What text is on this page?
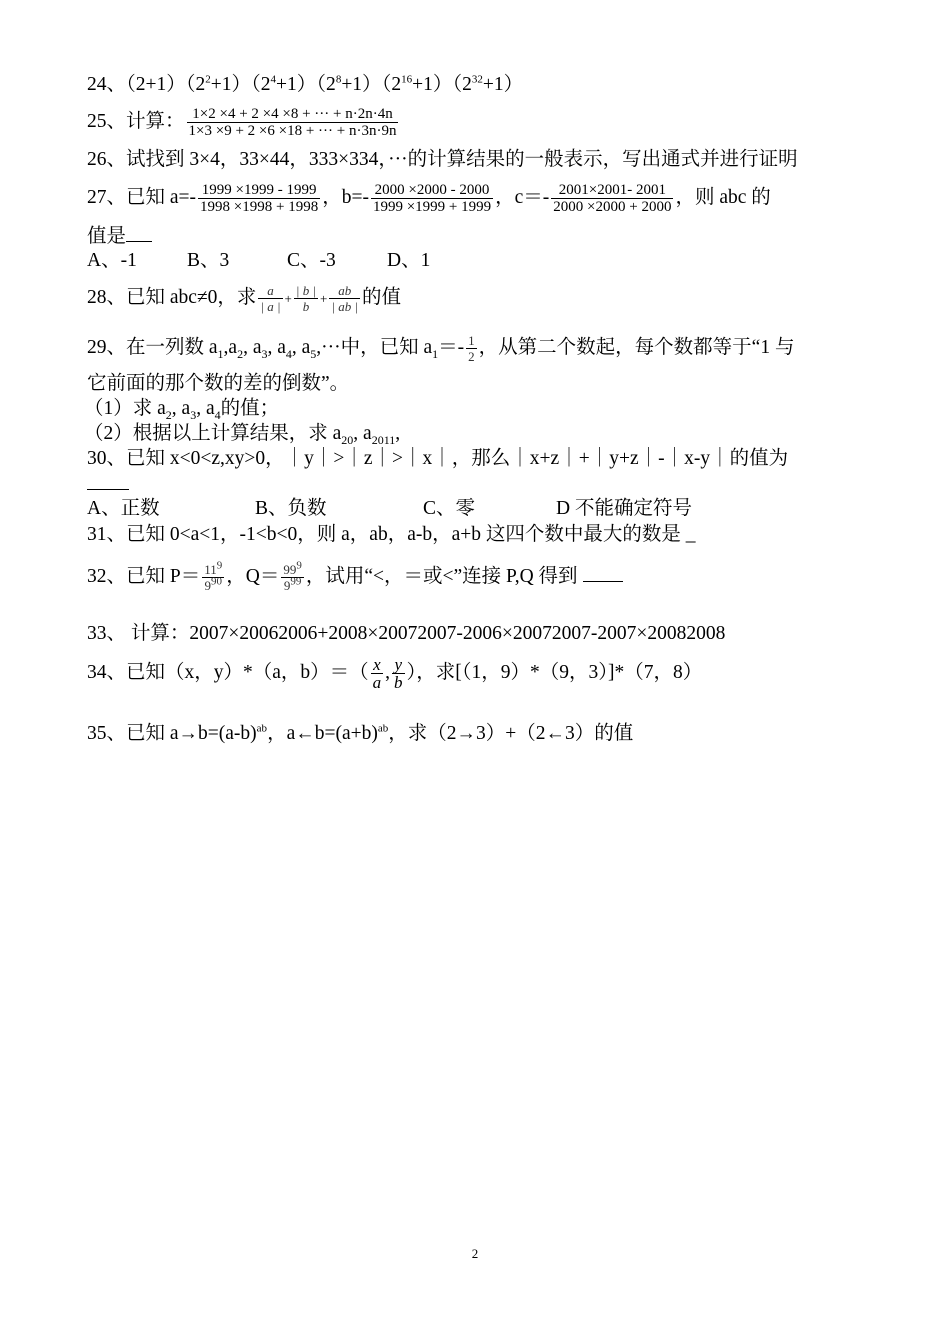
24、$(2+1)(2^2+1)(2^4+1)(2^8+1)(2^{16}+1)(2^{32}+1)$
25、计算： $\frac{1\times 2 \times 4 + 2 \times 4 \times 8 + \cdot\cdot\cdot + n\cdot 2n\cdot 4n}{1\times 3 \times 9 + 2 \times 6 \times 18 + \cdot\cdot\cdot + n\cdot 3n\cdot 9n}$
26、试找到 3×4，33×44，333×334，···的计算结果的一般表示，写出通式并进行证明
27、已知 $a=- \frac{1999 \times 1999 - 1999}{1998 \times 1998 + 1998}$ ，$b=- \frac{2000 \times 2000 - 2000}{1999 \times 1999 + 1999}$ ，$c=- \frac{2001\times 2001- 2001}{2000 \times 2000 + 2000}$ ，则 abc 的
值是
A、-1	B、3	C、-3	D、1
28、已知 abc≠0，求 $\frac{a}{| a |} + \frac{| b |}{b} + \frac{ab}{| ab |}$ 的值
29、在一列数 $a_1,a_2$, $a_3$, $a_4$, $a_5,\cdot\cdot\cdot$中，已知 $a_1=- \frac{1}{2}$ ，从第二个数起，每个数都等于“1 与
它前面的那个数的差的倒数”。
（1）求 $a_2$, $a_3$, $a_4$的值；
（2）根据以上计算结果，求 $a_{20}$, $a_{2011}$,
30、已知 x<0<z,xy>0，｜y｜>｜z｜>｜x｜，那么｜x+z｜+｜y+z｜-｜x-y｜的值为
A、正数	B、负数	C、零	D 不能确定符号
31、已知 0<a<1，-1<b<0，则 a，ab，a-b，a+b 这四个数中最大的数是 _
32、已知 $P= \frac{11^9}{9^{90}}$ ，$Q= \frac{99^9}{9^{99}}$ ，试用“<，＝或<”连接 P,Q 得到
33、 计算：2007×20062006+2008×20072007-2006×20072007-2007×20082008
34、已知（x，y）*（a，$b)=( \frac{x}{a}$ , $\frac{y}{b}$ ），求[（1，9）*（9，3）]*（7，8）
35、已知 $a\to b=(a-b)^{ab}$，$a\leftarrow b=(a+b)^{ab}$，求（2→3）+（2←3）的值
2
